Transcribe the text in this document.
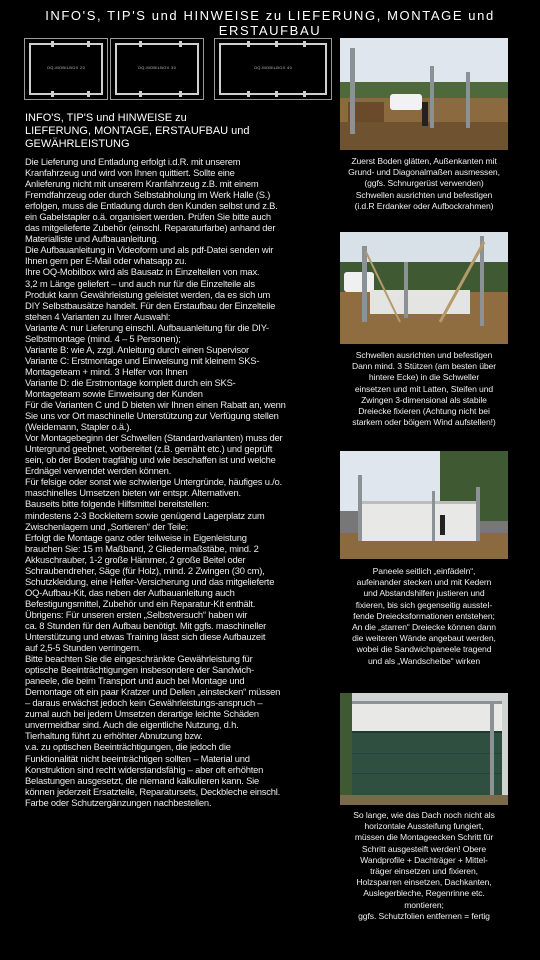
INFO'S, TIP'S und HINWEISE zu LIEFERUNG, MONTAGE und ERSTAUFBAU
OQ-MOBILBOX 20	OQ-MOBILBOX 30	OQ-MOBILBOX 40
INFO'S, TIP'S und HINWEISE zu
LIEFERUNG, MONTAGE, ERSTAUFBAU und GEWÄHRLEISTUNG

Die Lieferung und Entladung erfolgt i.d.R. mit unserem

Kranfahrzeug und wird von Ihnen quittiert. Sollte eine

Anlieferung nicht mit unserem Kranfahrzeug z.B. mit einem

Fremdfahrzeug oder durch Selbstabholung im Werk Halle (S.)

erfolgen, muss die Entladung durch den Kunden selbst und z.B.

ein Gabelstapler o.ä. organisiert werden. Prüfen Sie bitte auch

das mitgelieferte Zubehör (einschl. Reparaturfarbe) anhand der

Materialliste und Aufbauanleitung.

Die Aufbauanleitung in Videoform und als pdf-Datei senden wir

Ihnen gern per E-Mail oder whatsapp zu.

Ihre OQ-Mobilbox wird als Bausatz in Einzelteilen von max.

3,2 m Länge geliefert – und auch nur für die Einzelteile als

Produkt kann Gewährleistung geleistet werden, da es sich um

DIY Selbstbausätze handelt. Für den Erstaufbau der Einzelteile

stehen 4 Varianten zu Ihrer Auswahl:

Variante A: nur Lieferung einschl. Aufbauanleitung für die DIY-

Selbstmontage (mind. 4 – 5 Personen);

Variante B: wie A, zzgl. Anleitung durch einen Supervisor

Variante C: Erstmontage und Einweisung mit kleinem SKS-

Montageteam + mind. 3 Helfer von Ihnen

Variante D: die Erstmontage komplett durch ein SKS-

Montageteam sowie Einweisung der Kunden

Für die Varianten C und D bieten wir Ihnen einen Rabatt an, wenn

Sie uns vor Ort maschinelle Unterstützung zur Verfügung stellen

(Weidemann, Stapler o.ä.).

Vor Montagebeginn der Schwellen (Standardvarianten) muss der

Untergrund geebnet, vorbereitet (z.B. gemäht etc.) und geprüft

sein, ob der Boden tragfähig und wie beschaffen ist und welche

Erdnägel verwendet werden können.

Für felsige oder sonst wie schwierige Untergründe, häufiges u./o.

maschinelles Umsetzen bieten wir entspr. Alternativen.

Bauseits bitte folgende Hilfsmittel bereitstellen:

mindestens 2-3 Bockleitern sowie genügend Lagerplatz zum

Zwischenlagern und „Sortieren“ der Teile;

Erfolgt die Montage ganz oder teilweise in Eigenleistung

brauchen Sie: 15 m Maßband, 2 Gliedermaßstäbe, mind. 2

Akkuschrauber, 1-2 große Hämmer, 2 große Beitel oder

Schraubendreher, Säge (für Holz), mind. 2 Zwingen (30 cm),

Schutzkleidung, eine Helfer-Versicherung und das mitgelieferte

OQ-Aufbau-Kit, das neben der Aufbauanleitung auch

Befestigungsmittel, Zubehör und ein Reparatur-Kit enthält.

Übrigens: Für unseren ersten „Selbstversuch“ haben wir

ca. 8 Stunden für den Aufbau benötigt. Mit ggfs. maschineller

Unterstützung und etwas Training lässt sich diese Aufbauzeit

auf 2,5-5 Stunden verringern.

Bitte beachten Sie die eingeschränkte Gewährleistung für

optische Beeinträchtigungen insbesondere der Sandwich-

paneele, die beim Transport und auch bei Montage und

Demontage oft ein paar Kratzer und Dellen „einstecken“ müssen

– daraus erwächst jedoch kein Gewährleistungs-anspruch –

zumal auch bei jedem Umsetzen derartige leichte Schäden

unvermeidbar sind. Auch die eigentliche Nutzung, d.h.

Tierhaltung führt zu erhöhter Abnutzung bzw.

v.a. zu optischen Beeinträchtigungen, die jedoch die

Funktionalität nicht beeinträchtigen sollten – Material und

Konstruktion sind recht widerstandsfähig – aber oft erhöhten

Belastungen ausgesetzt, die niemand kalkulieren kann. Sie

können jederzeit Ersatzteile, Reparatursets, Deckbleche einschl.

Farbe oder Schutzergänzungen nachbestellen.

Zuerst Boden glätten, Außenkanten mit

Grund- und Diagonalmaßen ausmessen,

(ggfs. Schnurgerüst verwenden)

Schwellen ausrichten und befestigen

(i.d.R Erdanker oder Aufbockrahmen)

Schwellen ausrichten und befestigen

Dann mind. 3 Stützen (am besten über

hintere Ecke) in die Schweller

einsetzen und mit Latten, Steifen und

Zwingen 3-dimensional als stabile

Dreiecke fixieren (Achtung nicht bei

starkem oder böigem Wind aufstellen!)

Paneele seitlich „einfädeln“,

aufeinander stecken und mit Kedern

und Abstandshilfen justieren und

fixieren, bis sich gegenseitig aussteI-

fende Dreiecksformationen entstehen;

An die „starren“ Dreiecke können dann

die weiteren Wände angebaut werden,

wobei die Sandwichpaneele tragend

und als „Wandscheibe“ wirken

So lange, wie das Dach noch nicht als

horizontale Aussteifung fungiert,

müssen die Montageecken Schritt für

Schritt ausgesteift werden! Obere

Wandprofile + Dachträger + Mittel-

träger einsetzen und fixieren,

Holzsparren einsetzen, Dachkanten,

Auslegerbleche, Regenrinne etc.

montieren;

ggfs. Schutzfolien entfernen = fertig
